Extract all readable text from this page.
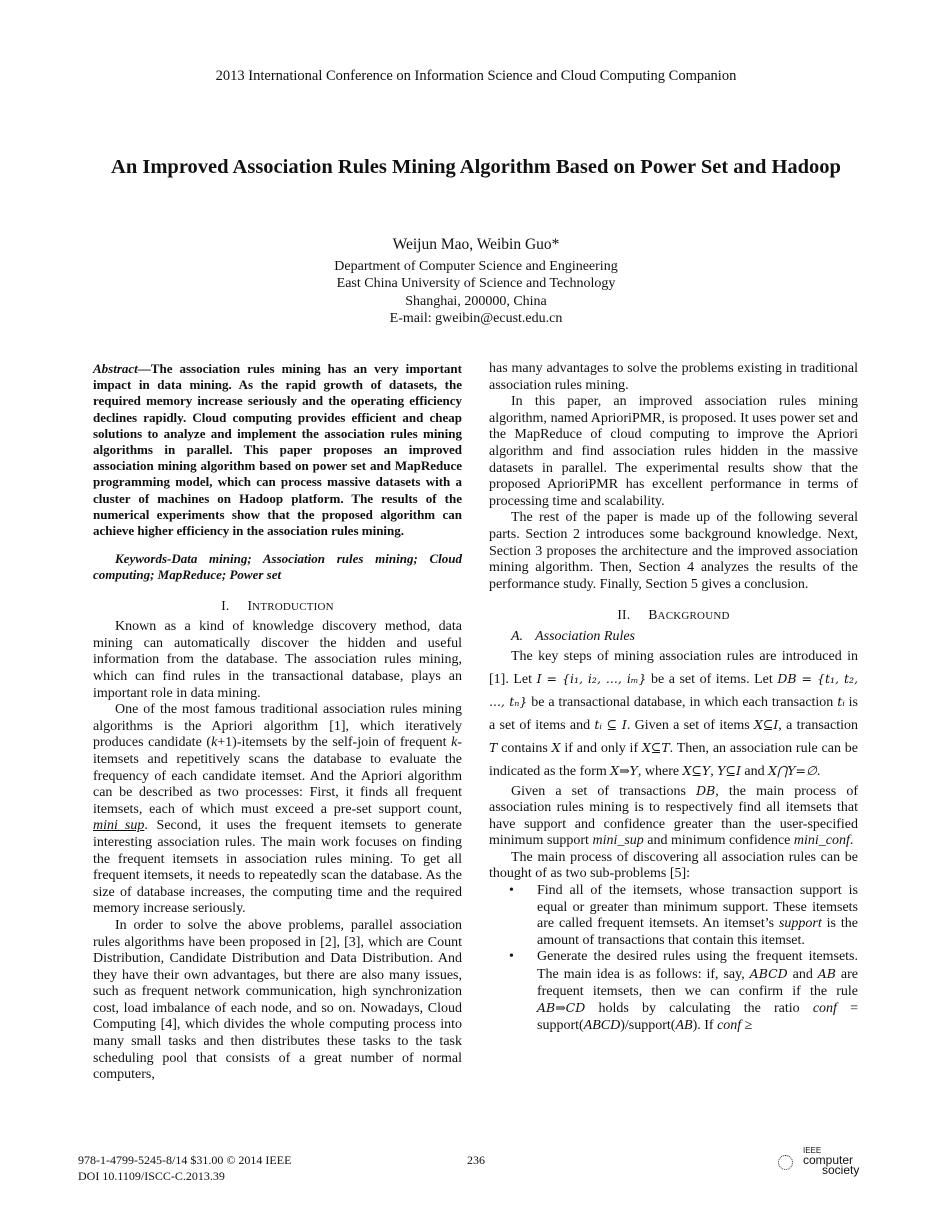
2013 International Conference on Information Science and Cloud Computing Companion
An Improved Association Rules Mining Algorithm Based on Power Set and Hadoop
Weijun Mao, Weibin Guo*
Department of Computer Science and Engineering
East China University of Science and Technology
Shanghai, 200000, China
E-mail: gweibin@ecust.edu.cn

Abstract—The association rules mining has an very important impact in data mining. As the rapid growth of datasets, the required memory increase seriously and the operating efficiency declines rapidly. Cloud computing provides efficient and cheap solutions to analyze and implement the association rules mining algorithms in parallel. This paper proposes an improved association mining algorithm based on power set and MapReduce programming model, which can process massive datasets with a cluster of machines on Hadoop platform. The results of the numerical experiments show that the proposed algorithm can achieve higher efficiency in the association rules mining.

Keywords-Data mining; Association rules mining; Cloud computing; MapReduce; Power set

I. INTRODUCTION

Known as a kind of knowledge discovery method, data mining can automatically discover the hidden and useful information from the database. The association rules mining, which can find rules in the transactional database, plays an important role in data mining.

One of the most famous traditional association rules mining algorithms is the Apriori algorithm [1], which iteratively produces candidate (k+1)-itemsets by the self-join of frequent k-itemsets and repetitively scans the database to evaluate the frequency of each candidate itemset. And the Apriori algorithm can be described as two processes: First, it finds all frequent itemsets, each of which must exceed a pre-set support count, mini_sup. Second, it uses the frequent itemsets to generate interesting association rules. The main work focuses on finding the frequent itemsets in association rules mining. To get all frequent itemsets, it needs to repeatedly scan the database. As the size of database increases, the computing time and the required memory increase seriously.

In order to solve the above problems, parallel association rules algorithms have been proposed in [2], [3], which are Count Distribution, Candidate Distribution and Data Distribution. And they have their own advantages, but there are also many issues, such as frequent network communication, high synchronization cost, load imbalance of each node, and so on. Nowadays, Cloud Computing [4], which divides the whole computing process into many small tasks and then distributes these tasks to the task scheduling pool that consists of a great number of normal computers,

has many advantages to solve the problems existing in traditional association rules mining.

In this paper, an improved association rules mining algorithm, named AprioriPMR, is proposed. It uses power set and the MapReduce of cloud computing to improve the Apriori algorithm and find association rules hidden in the massive datasets in parallel. The experimental results show that the proposed AprioriPMR has excellent performance in terms of processing time and scalability.

The rest of the paper is made up of the following several parts. Section 2 introduces some background knowledge. Next, Section 3 proposes the architecture and the improved association mining algorithm. Then, Section 4 analyzes the results of the performance study. Finally, Section 5 gives a conclusion.

II. BACKGROUND

A. Association Rules

The key steps of mining association rules are introduced in [1]. Let I = {i₁, i₂, ..., iₘ} be a set of items. Let DB = {t₁, t₂, ..., tₙ} be a transactional database, in which each transaction tᵢ is a set of items and tᵢ ⊆ I. Given a set of items X⊆I, a transaction T contains X if and only if X⊆T. Then, an association rule can be indicated as the form X⇒Y, where X⊆Y, Y⊆I and X⋂Y=∅.

Given a set of transactions DB, the main process of association rules mining is to respectively find all itemsets that have support and confidence greater than the user-specified minimum support mini_sup and minimum confidence mini_conf.

The main process of discovering all association rules can be thought of as two sub-problems [5]:

• Find all of the itemsets, whose transaction support is equal or greater than minimum support. These itemsets are called frequent itemsets. An itemset’s support is the amount of transactions that contain this itemset.
• Generate the desired rules using the frequent itemsets. The main idea is as follows: if, say, ABCD and AB are frequent itemsets, then we can confirm if the rule AB⇒CD holds by calculating the ratio conf = support(ABCD)/support(AB). If conf ≥
978-1-4799-5245-8/14 $31.00 © 2014 IEEE
DOI 10.1109/ISCC-C.2013.39
236
IEEE
computer
society
